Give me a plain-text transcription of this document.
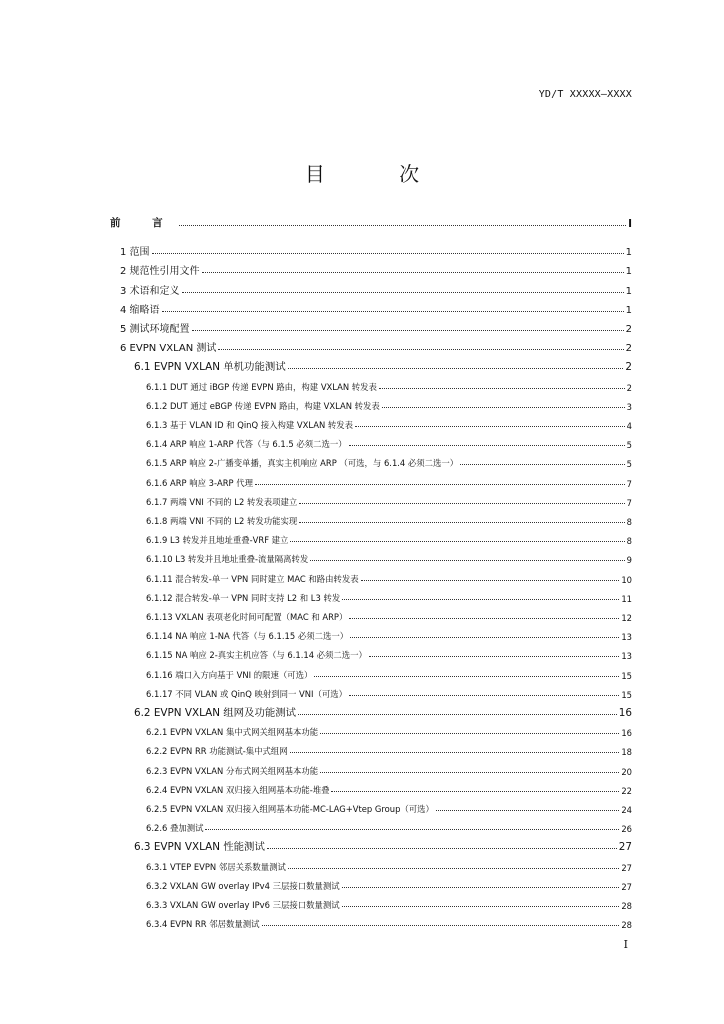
YD/T XXXXX—XXXX
目 次
前 言	I
1 范围	1
2 规范性引用文件	1
3 术语和定义	1
4 缩略语	1
5 测试环境配置	2
6 EVPN VXLAN 测试	2
6.1 EVPN VXLAN 单机功能测试	2
6.1.1 DUT 通过 iBGP 传递 EVPN 路由，构建 VXLAN 转发表	2
6.1.2 DUT 通过 eBGP 传递 EVPN 路由，构建 VXLAN 转发表	3
6.1.3 基于 VLAN ID 和 QinQ 接入构建 VXLAN 转发表	4
6.1.4 ARP 响应 1-ARP 代答（与 6.1.5 必须二选一）	5
6.1.5 ARP 响应 2-广播变单播，真实主机响应 ARP （可选，与 6.1.4 必须二选一）	5
6.1.6 ARP 响应 3-ARP 代理	7
6.1.7 两端 VNI 不同的 L2 转发表项建立	7
6.1.8 两端 VNI 不同的 L2 转发功能实现	8
6.1.9 L3 转发并且地址重叠-VRF 建立	8
6.1.10 L3 转发并且地址重叠-流量隔离转发	9
6.1.11 混合转发-单一 VPN 同时建立 MAC 和路由转发表	10
6.1.12 混合转发-单一 VPN 同时支持 L2 和 L3 转发	11
6.1.13 VXLAN 表项老化时间可配置（MAC 和 ARP）	12
6.1.14 NA 响应 1-NA 代答（与 6.1.15 必须二选一）	13
6.1.15 NA 响应 2-真实主机应答（与 6.1.14 必须二选一）	13
6.1.16 端口入方向基于 VNI 的限速（可选）	15
6.1.17 不同 VLAN 或 QinQ 映射到同一 VNI（可选）	15
6.2 EVPN VXLAN 组网及功能测试	16
6.2.1 EVPN VXLAN 集中式网关组网基本功能	16
6.2.2 EVPN RR 功能测试-集中式组网	18
6.2.3 EVPN VXLAN 分布式网关组网基本功能	20
6.2.4 EVPN VXLAN 双归接入组网基本功能-堆叠	22
6.2.5 EVPN VXLAN 双归接入组网基本功能-MC-LAG+Vtep Group（可选）	24
6.2.6 叠加测试	26
6.3 EVPN VXLAN 性能测试	27
6.3.1 VTEP EVPN 邻居关系数量测试	27
6.3.2 VXLAN GW overlay IPv4 三层接口数量测试	27
6.3.3 VXLAN GW overlay IPv6 三层接口数量测试	28
6.3.4 EVPN RR 邻居数量测试	28
I
